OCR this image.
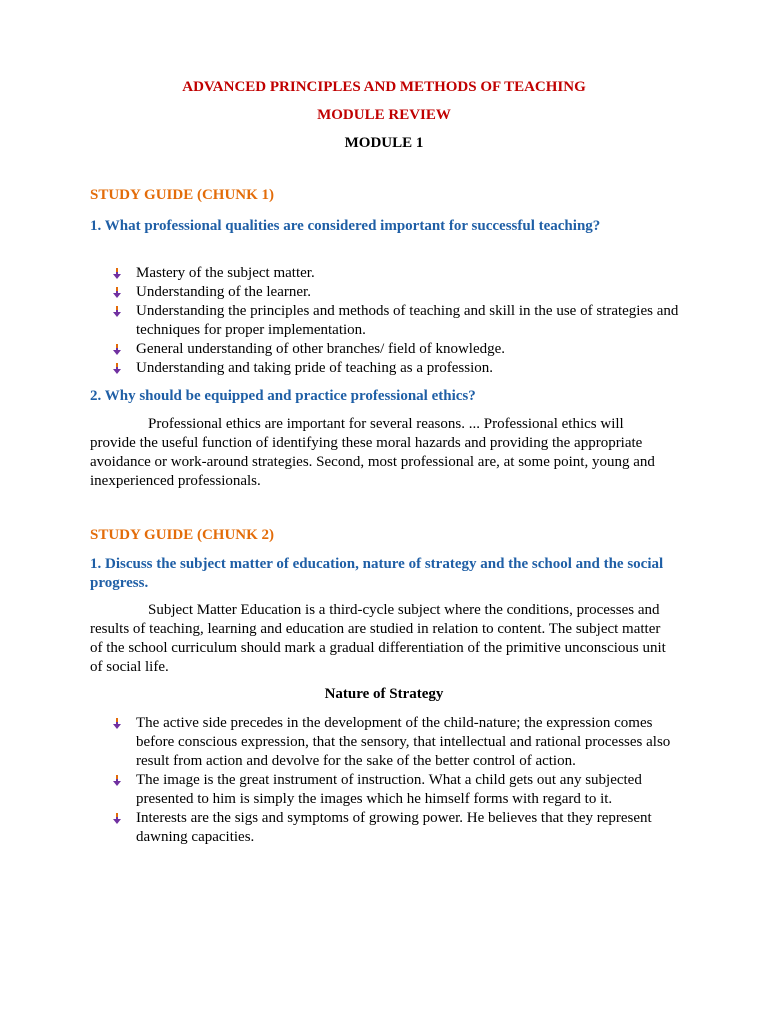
ADVANCED PRINCIPLES AND METHODS OF TEACHING
MODULE REVIEW
MODULE 1
STUDY GUIDE (CHUNK 1)
1. What professional qualities are considered important for successful teaching?
Mastery of the subject matter.
Understanding of the learner.
Understanding the principles and methods of teaching and skill in the use of strategies and techniques for proper implementation.
General understanding of other branches/ field of knowledge.
Understanding and taking pride of teaching as a profession.
2. Why should be equipped and practice professional ethics?
Professional ethics are important for several reasons. ... Professional ethics will provide the useful function of identifying these moral hazards and providing the appropriate avoidance or work-around strategies. Second, most professional are, at some point, young and inexperienced professionals.
STUDY GUIDE (CHUNK 2)
1. Discuss the subject matter of education, nature of strategy and the school and the social progress.
Subject Matter Education is a third-cycle subject where the conditions, processes and results of teaching, learning and education are studied in relation to content. The subject matter of the school curriculum should mark a gradual differentiation of the primitive unconscious unit of social life.
Nature of Strategy
The active side precedes in the development of the child-nature; the expression comes before conscious expression, that the sensory, that intellectual and rational processes also result from action and devolve for the sake of the better control of action.
The image is the great instrument of instruction. What a child gets out any subjected presented to him is simply the images which he himself forms with regard to it.
Interests are the sigs and symptoms of growing power. He believes that they represent dawning capacities.
